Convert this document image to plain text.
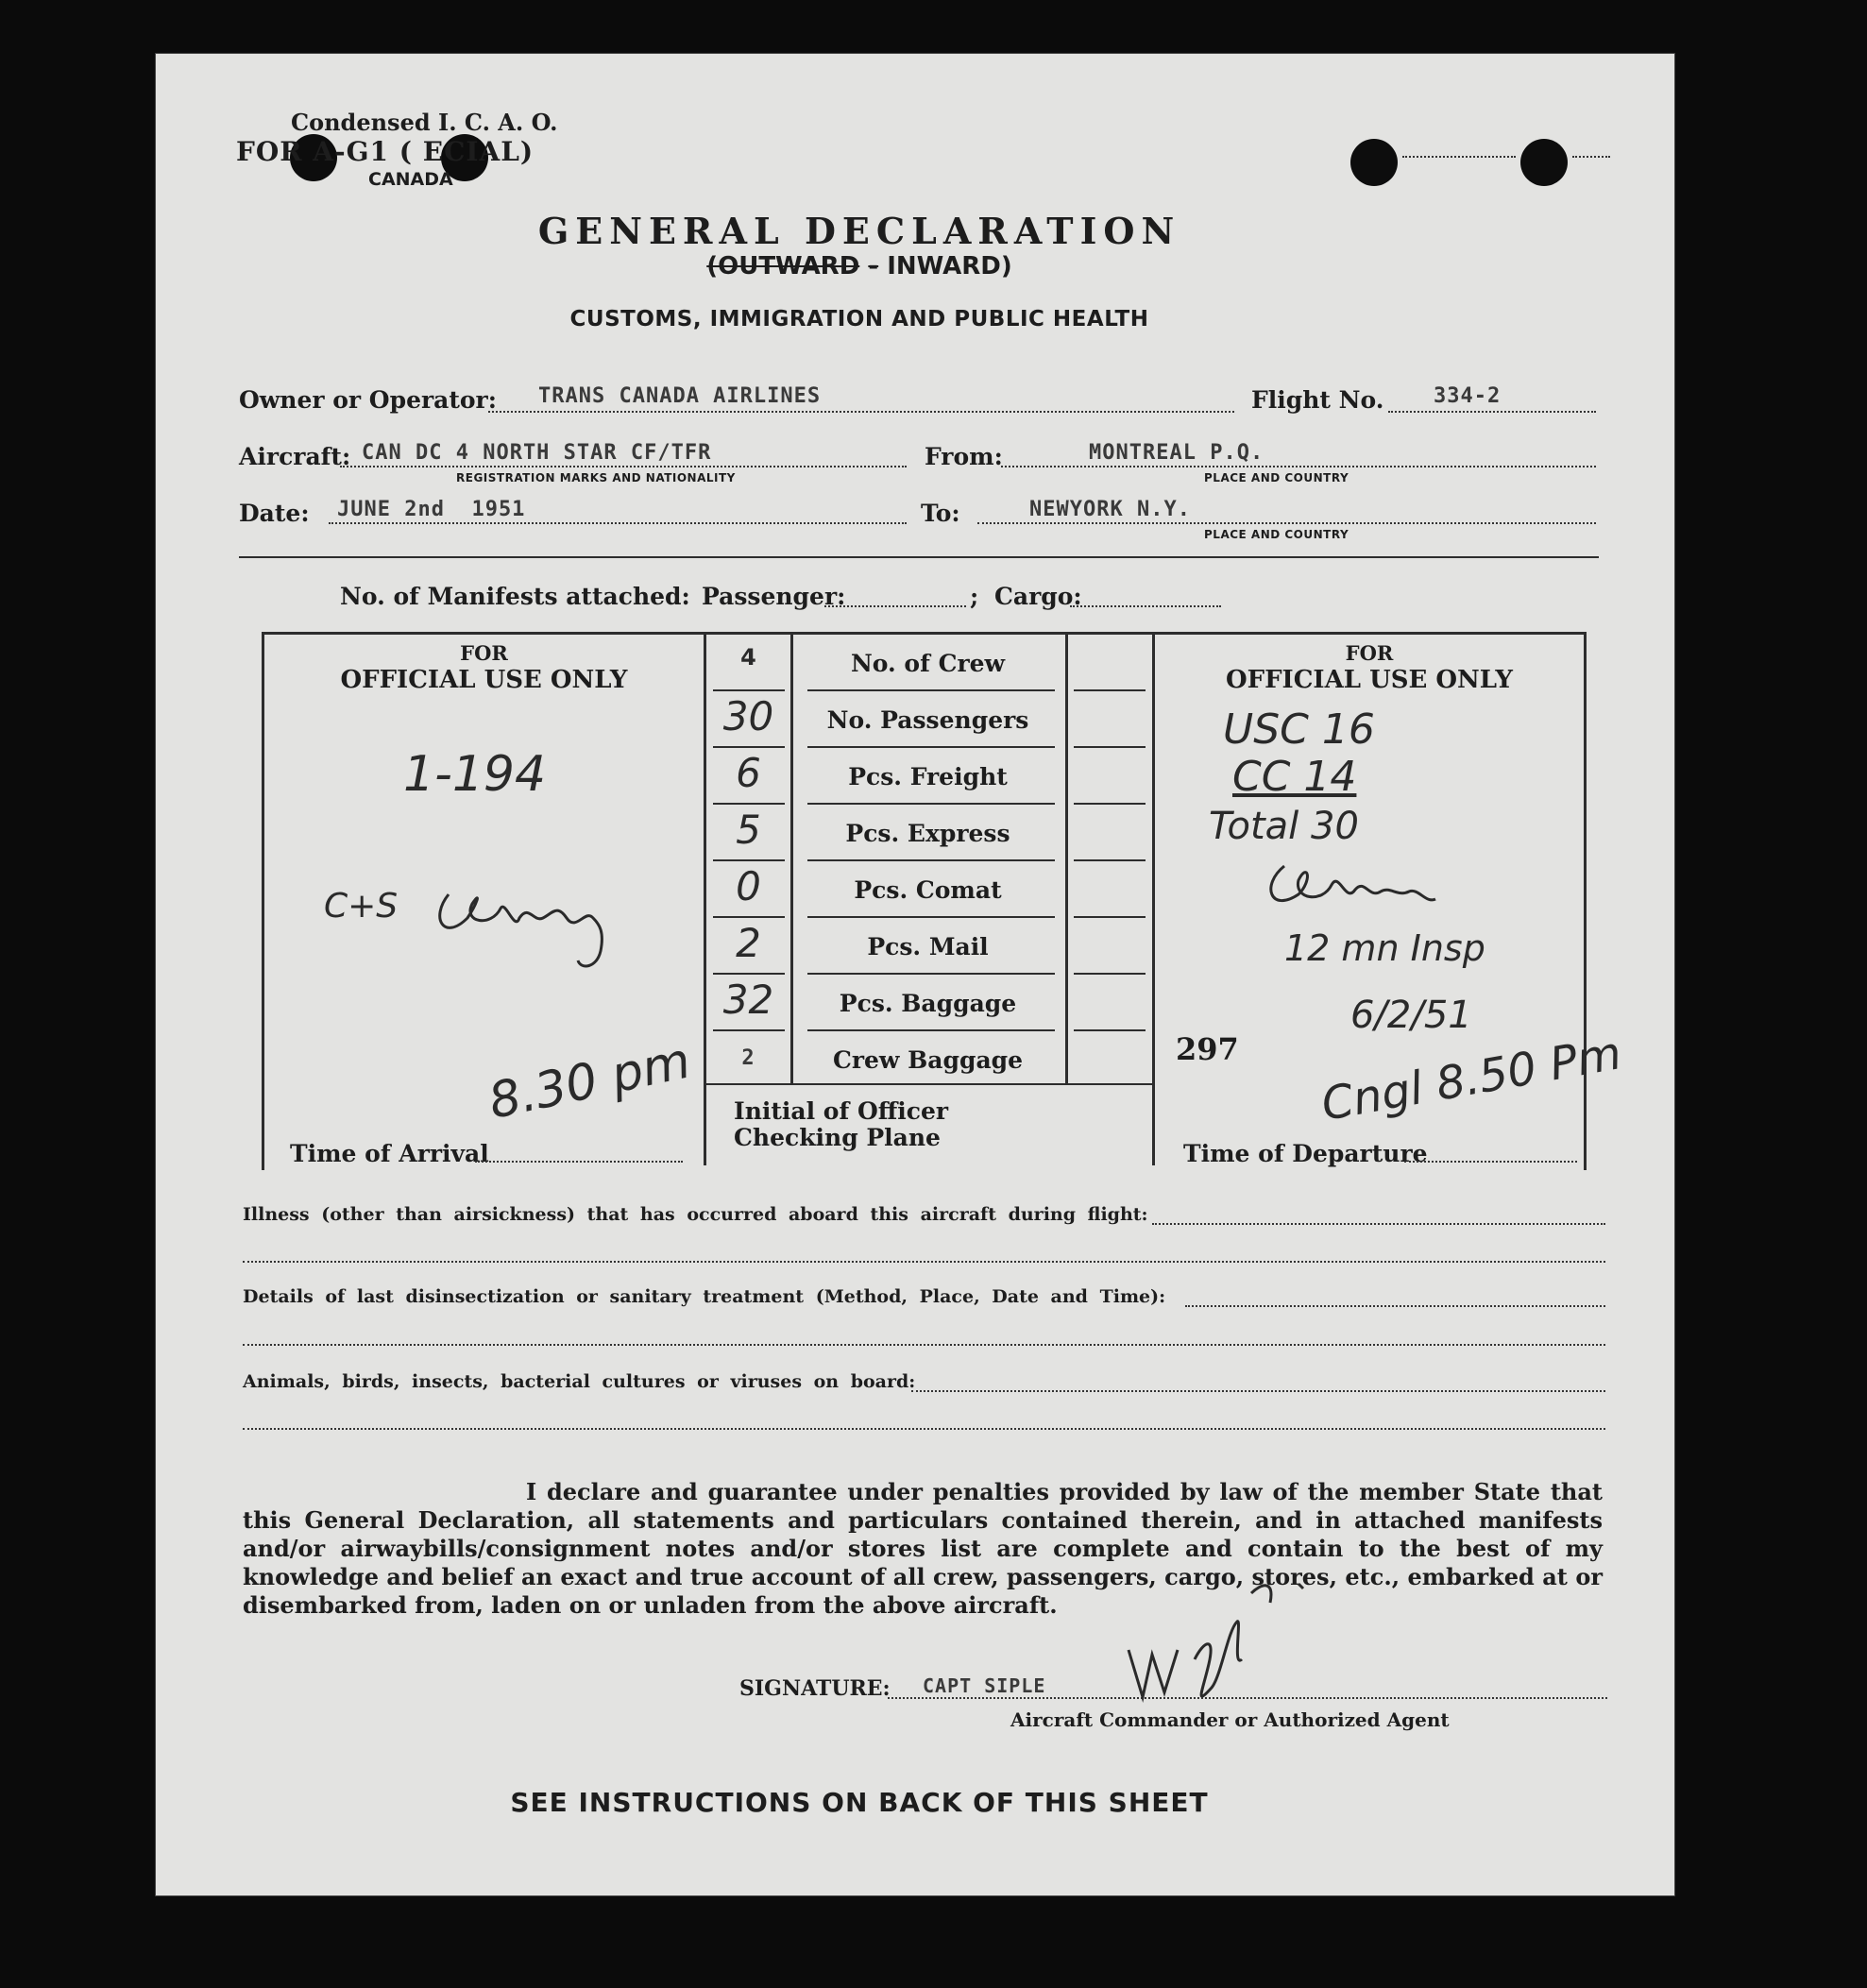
Condensed I. C. A. O.
FOR A-G1 ( ECIAL)
CANADA
GENERAL DECLARATION
(OUTWARD - INWARD)
CUSTOMS, IMMIGRATION AND PUBLIC HEALTH
Owner or Operator: TRANS CANADA AIRLINES	Flight No. 334-2
Aircraft: CAN DC 4 NORTH STAR CF/TFR
REGISTRATION MARKS AND NATIONALITY
From:	MONTREAL P.Q.
PLACE AND COUNTRY
Date: JUNE 2nd  1951	To:	NEWYORK N.Y.
PLACE AND COUNTRY
No. of Manifests attached: Passenger:	; Cargo:
FOR
OFFICIAL USE ONLY
1-194
C+S
4	No. of Crew
30	No. Passengers
6	Pcs. Freight
5	Pcs. Express
0	Pcs. Comat
2	Pcs. Mail
32	Pcs. Baggage
2	Crew Baggage
FOR
OFFICIAL USE ONLY
USC 16
CC 14
Total 30
12 mn Insp
6/2/51
297
Time of Arrival
8.30 pm Initial of Officer
Checking Plane
Time of Departure
Cngl 8.50 Pm
Illness (other than airsickness) that has occurred aboard this aircraft during flight:
Details of last disinsectization or sanitary treatment (Method, Place, Date and Time):
Animals, birds, insects, bacterial cultures or viruses on board:
I declare and guarantee under penalties provided by law of the member State that this General Declaration, all statements and particulars contained therein, and in attached manifests and/or airwaybills/consignment notes and/or stores list are complete and contain to the best of my knowledge and belief an exact and true account of all crew, passengers, cargo, stores, etc., embarked at or disembarked from, laden on or unladen from the above aircraft.
SIGNATURE: CAPT SIPLE
Aircraft Commander or Authorized Agent
SEE INSTRUCTIONS ON BACK OF THIS SHEET
